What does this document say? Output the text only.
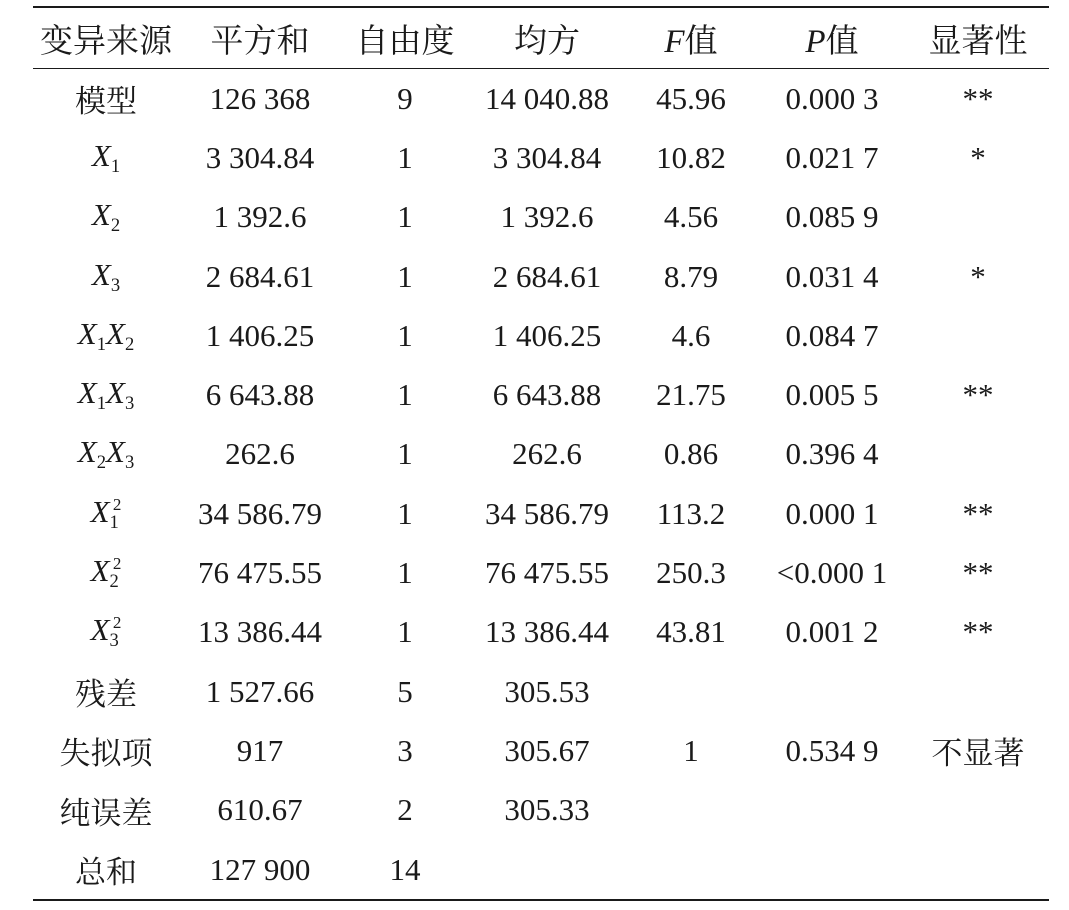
变异来源	平方和	自由度	均方	F值	P值	显著性
模型	126 368	9	14 040.88	45.96	0.000 3	**
$X_1$	3 304.84	1	3 304.84	10.82	0.021 7	*
$X_2$	1 392.6	1	1 392.6	4.56	0.085 9
$X_3$	2 684.61	1	2 684.61	8.79	0.031 4	*
$X_1X_2$	1 406.25	1	1 406.25	4.6	0.084 7
$X_1X_3$	6 643.88	1	6 643.88	21.75	0.005 5	**
$X_2X_3$	262.6	1	262.6	0.86	0.396 4
$X_1^2$	34 586.79	1	34 586.79	113.2	0.000 1	**
$X_2^2$	76 475.55	1	76 475.55	250.3	<0.000 1	**
$X_3^2$	13 386.44	1	13 386.44	43.81	0.001 2	**
残差	1 527.66	5	305.53
失拟项	917	3	305.67	1	0.534 9	不显著
纯误差	610.67	2	305.33
总和	127 900	14
